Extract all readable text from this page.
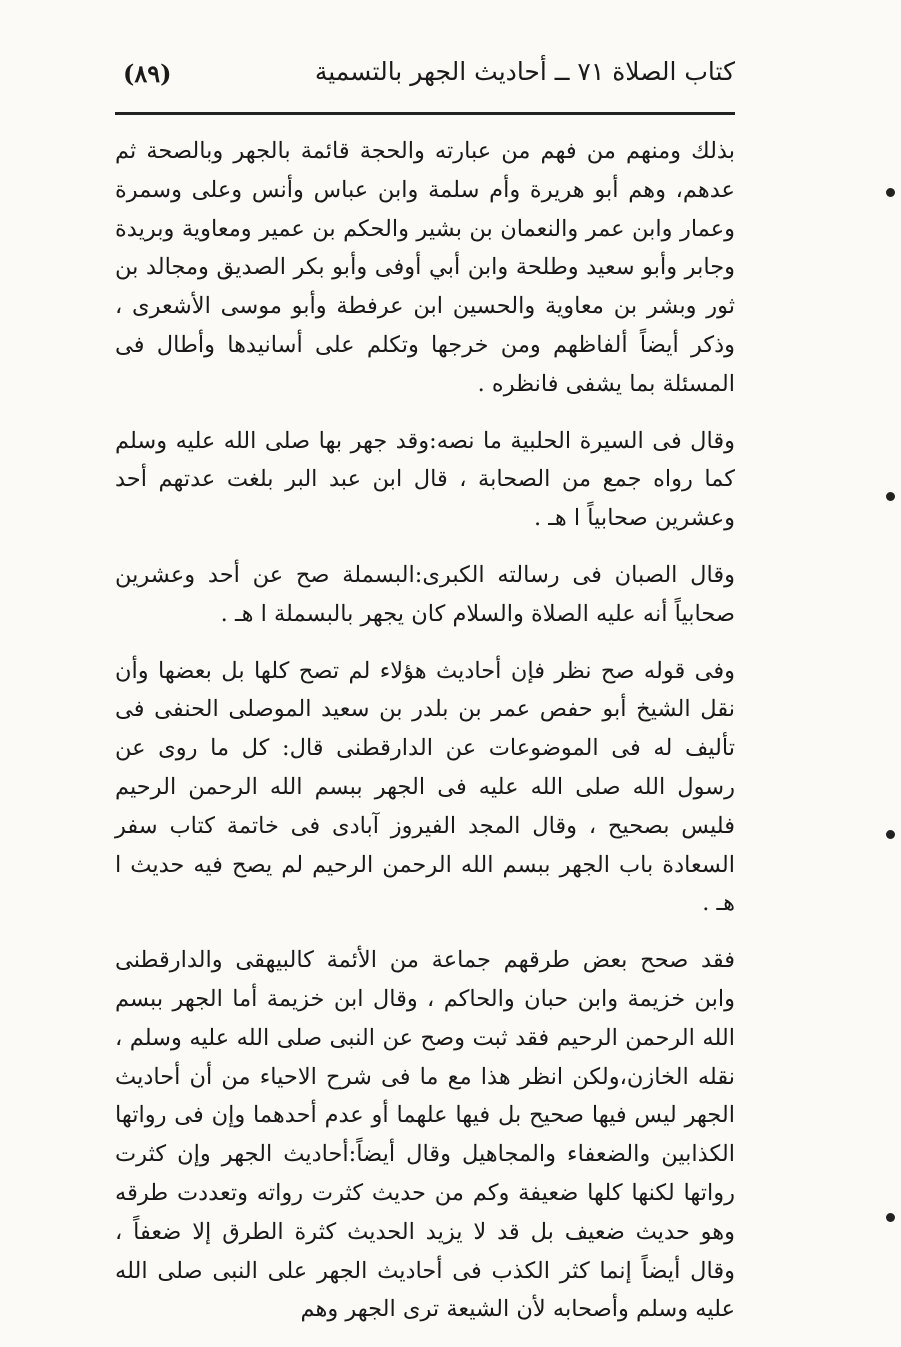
كتاب الصلاة ٧١ ــ أحاديث الجهر بالتسمية
(٨٩)

بذلك ومنهم من فهم من عبارته والحجة قائمة بالجهر وبالصحة ثم عدهم، وهم أبو هريرة وأم سلمة وابن عباس وأنس وعلى وسمرة وعمار وابن عمر والنعمان بن بشير والحكم بن عمير ومعاوية وبريدة وجابر وأبو سعيد وطلحة وابن أبي أوفى وأبو بكر الصديق ومجالد بن ثور وبشر بن معاوية والحسين ابن عرفطة وأبو موسى الأشعرى ، وذكر أيضاً ألفاظهم ومن خرجها وتكلم على أسانيدها وأطال فى المسئلة بما يشفى فانظره .

وقال فى السيرة الحلبية ما نصه:وقد جهر بها صلى الله عليه وسلم كما رواه جمع من الصحابة ، قال ابن عبد البر بلغت عدتهم أحد وعشرين صحابياً ا هـ .

وقال الصبان فى رسالته الكبرى:البسملة صح عن أحد وعشرين صحابياً أنه عليه الصلاة والسلام كان يجهر بالبسملة ا هـ .

وفى قوله صح نظر فإن أحاديث هؤلاء لم تصح كلها بل بعضها وأن نقل الشيخ أبو حفص عمر بن بلدر بن سعيد الموصلى الحنفى فى تأليف له فى الموضوعات عن الدارقطنى قال: كل ما روى عن رسول الله صلى الله عليه فى الجهر ببسم الله الرحمن الرحيم فليس بصحيح ، وقال المجد الفيروز آبادى فى خاتمة كتاب سفر السعادة باب الجهر ببسم الله الرحمن الرحيم لم يصح فيه حديث ا هـ .

فقد صحح بعض طرقهم جماعة من الأئمة كالبيهقى والدارقطنى وابن خزيمة وابن حبان والحاكم ، وقال ابن خزيمة أما الجهر ببسم الله الرحمن الرحيم فقد ثبت وصح عن النبى صلى الله عليه وسلم ، نقله الخازن،ولكن انظر هذا مع ما فى شرح الاحياء من أن أحاديث الجهر ليس فيها صحيح بل فيها علهما أو عدم أحدهما وإن فى رواتها الكذابين والضعفاء والمجاهيل وقال أيضاً:أحاديث الجهر وإن كثرت رواتها لكنها كلها ضعيفة وكم من حديث كثرت رواته وتعددت طرقه وهو حديث ضعيف بل قد لا يزيد الحديث كثرة الطرق إلا ضعفاً ، وقال أيضاً إنما كثر الكذب فى أحاديث الجهر على النبى صلى الله عليه وسلم وأصحابه لأن الشيعة ترى الجهر وهم
